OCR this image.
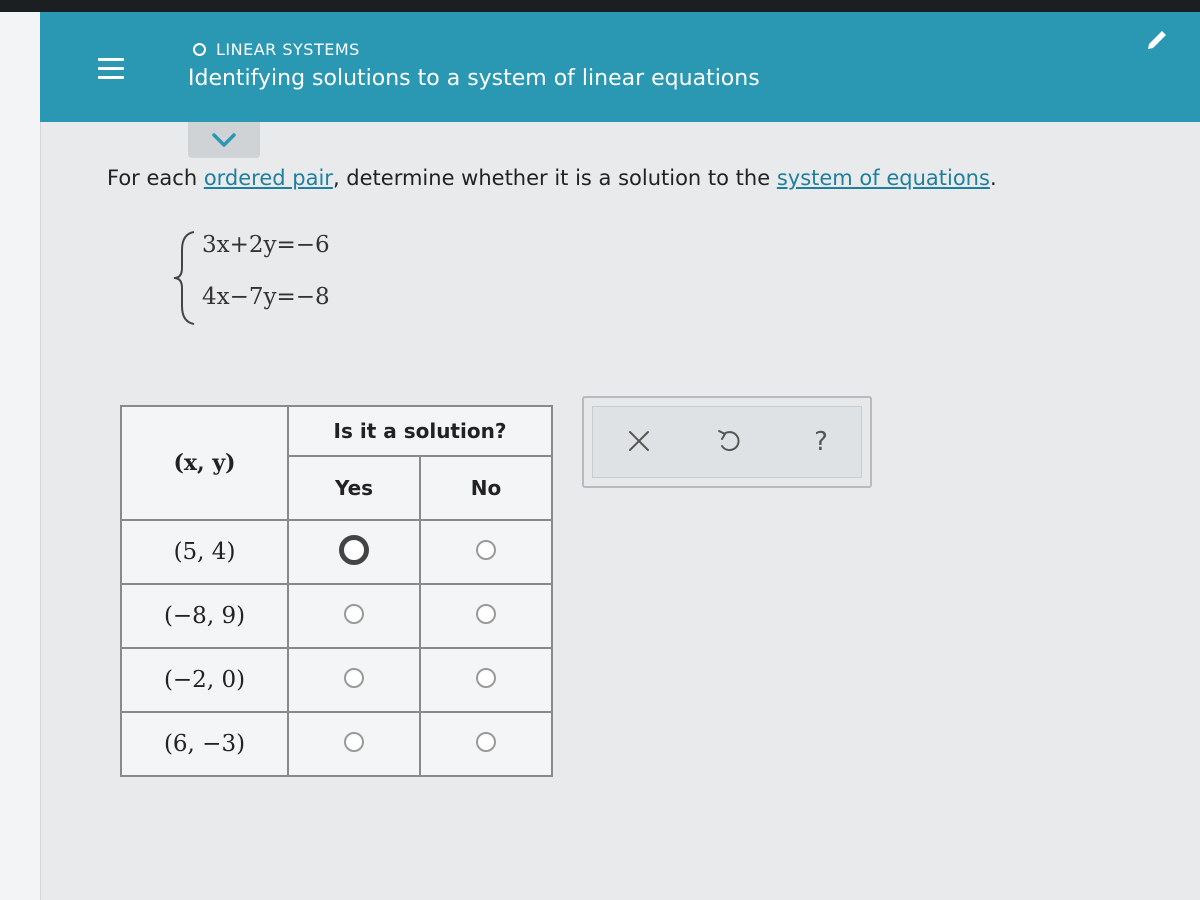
LINEAR SYSTEMS
Identifying solutions to a system of linear equations
For each ordered pair, determine whether it is a solution to the system of equations.
3x+2y=−6
4x−7y=−8
(x, y)	Is it a solution?	
	Yes	No
(5, 4)		
(−8, 9)		
(−2, 0)		
(6, −3)		
?
